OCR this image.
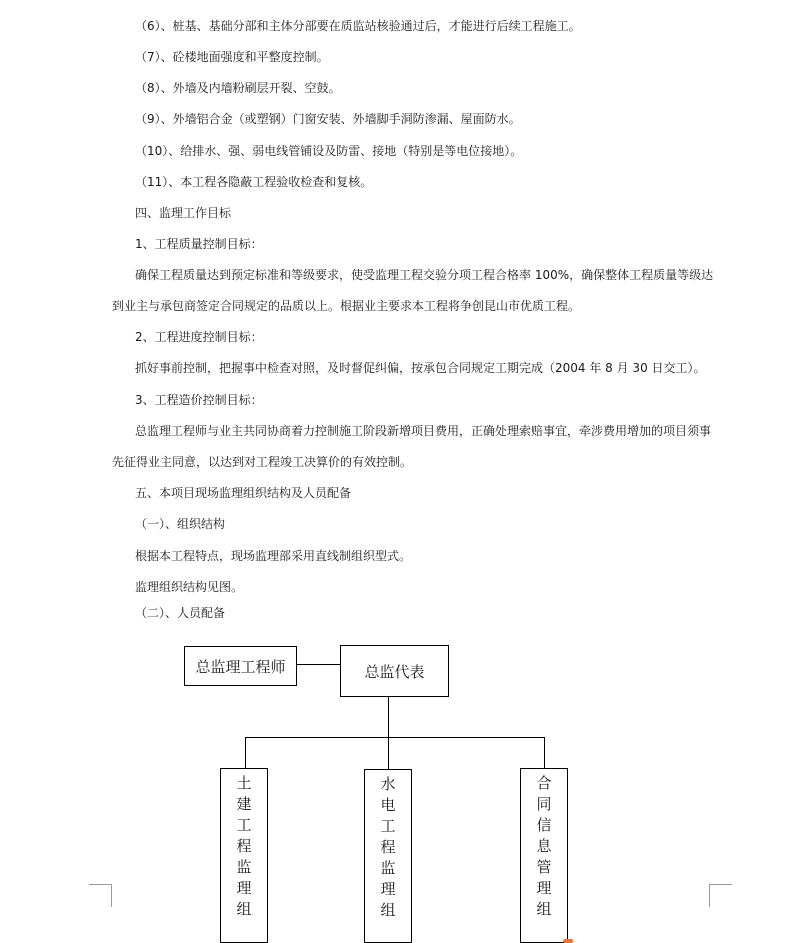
（6）、桩基、基础分部和主体分部要在质监站核验通过后，才能进行后续工程施工。
（7）、砼楼地面强度和平整度控制。
（8）、外墙及内墙粉刷层开裂、空鼓。
（9）、外墙铝合金（或塑钢）门窗安装、外墙脚手洞防渗漏、屋面防水。
（10）、给排水、强、弱电线管铺设及防雷、接地（特别是等电位接地）。
（11）、本工程各隐蔽工程验收检查和复核。
四、监理工作目标
1、工程质量控制目标：
确保工程质量达到预定标准和等级要求，使受监理工程交验分项工程合格率 100%，确保整体工程质量等级达
到业主与承包商签定合同规定的品质以上。根据业主要求本工程将争创昆山市优质工程。
2、工程进度控制目标：
抓好事前控制，把握事中检查对照，及时督促纠偏，按承包合同规定工期完成（2004 年 8 月 30 日交工）。
3、工程造价控制目标：
总监理工程师与业主共同协商着力控制施工阶段新增项目费用，正确处理索赔事宜，牵涉费用增加的项目须事
先征得业主同意，以达到对工程竣工决算价的有效控制。
五、本项目现场监理组织结构及人员配备
（一）、组织结构
根据本工程特点，现场监理部采用直线制组织型式。
监理组织结构见图。
（二）、人员配备
总监理工程师	总监代表
土
建
工
程
监
理
组
水
电
工
程
监
理
组
合
同
信
息
管
理
组
